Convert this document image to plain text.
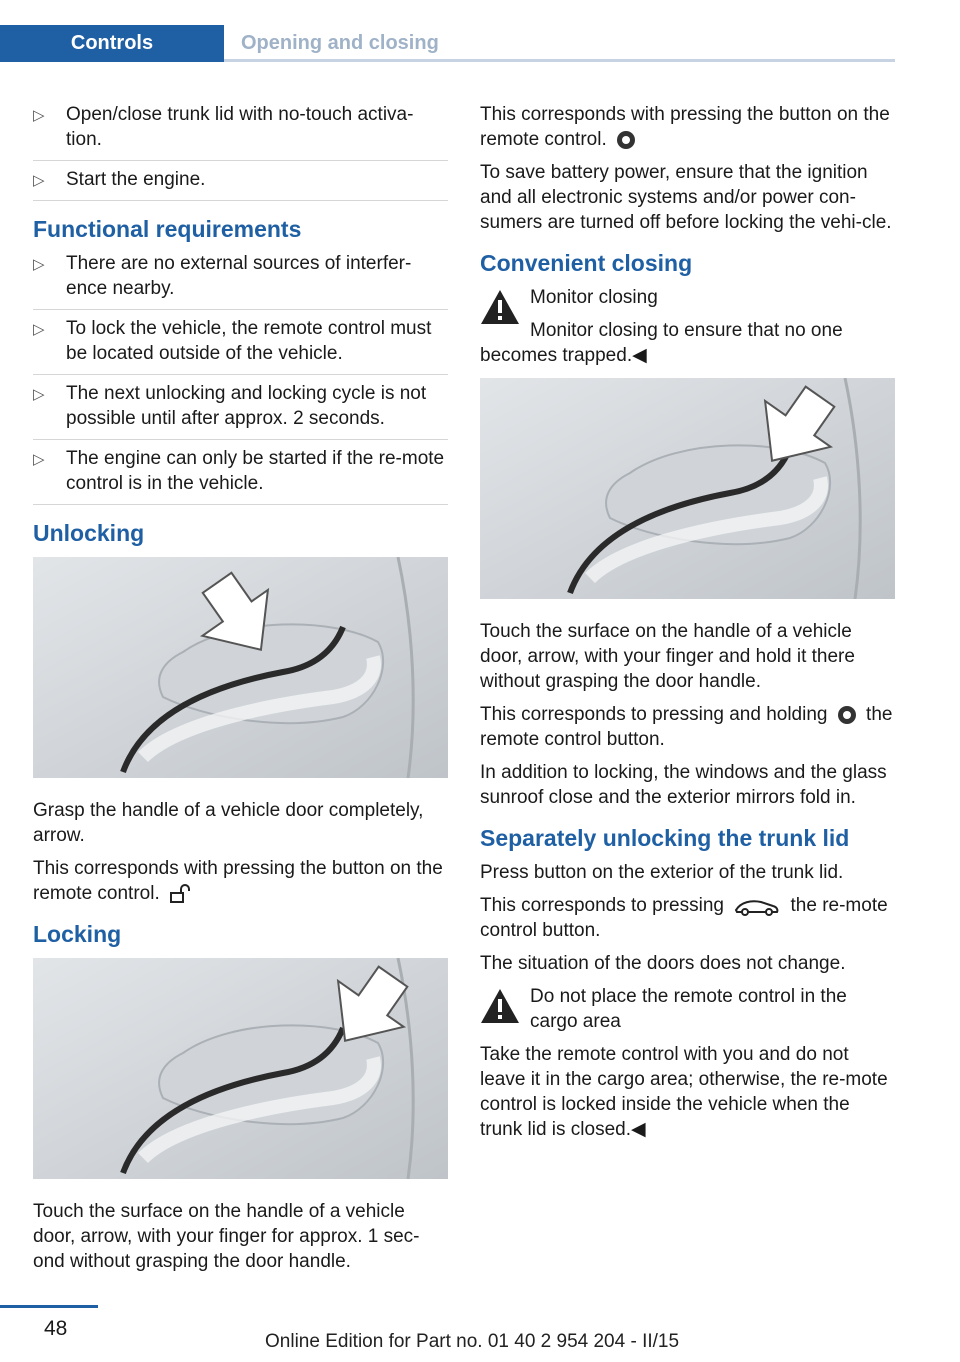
Controls	Opening and closing
▷ Open/close trunk lid with no-touch activa-tion.
▷ Start the engine.
Functional requirements
▷ There are no external sources of interfer-ence nearby.
▷ To lock the vehicle, the remote control must be located outside of the vehicle.
▷ The next unlocking and locking cycle is not possible until after approx. 2 seconds.
▷ The engine can only be started if the re-mote control is in the vehicle.
Unlocking

Grasp the handle of a vehicle door completely, arrow.

This corresponds with pressing the button on the remote control.

Locking

Touch the surface on the handle of a vehicle door, arrow, with your finger for approx. 1 sec-ond without grasping the door handle.

This corresponds with pressing the button on the remote control.

To save battery power, ensure that the ignition and all electronic systems and/or power con-sumers are turned off before locking the vehi-cle.

Convenient closing

Monitor closing

Monitor closing to ensure that no one becomes trapped.◀

Touch the surface on the handle of a vehicle door, arrow, with your finger and hold it there without grasping the door handle.

This corresponds to pressing and holding the remote control button.

In addition to locking, the windows and the glass sunroof close and the exterior mirrors fold in.

Separately unlocking the trunk lid

Press button on the exterior of the trunk lid.

This corresponds to pressing	the re-mote control button.

The situation of the doors does not change.

Do not place the remote control in the cargo area

Take the remote control with you and do not leave it in the cargo area; otherwise, the re-mote control is locked inside the vehicle when the trunk lid is closed.◀

48
Online Edition for Part no. 01 40 2 954 204 - II/15
